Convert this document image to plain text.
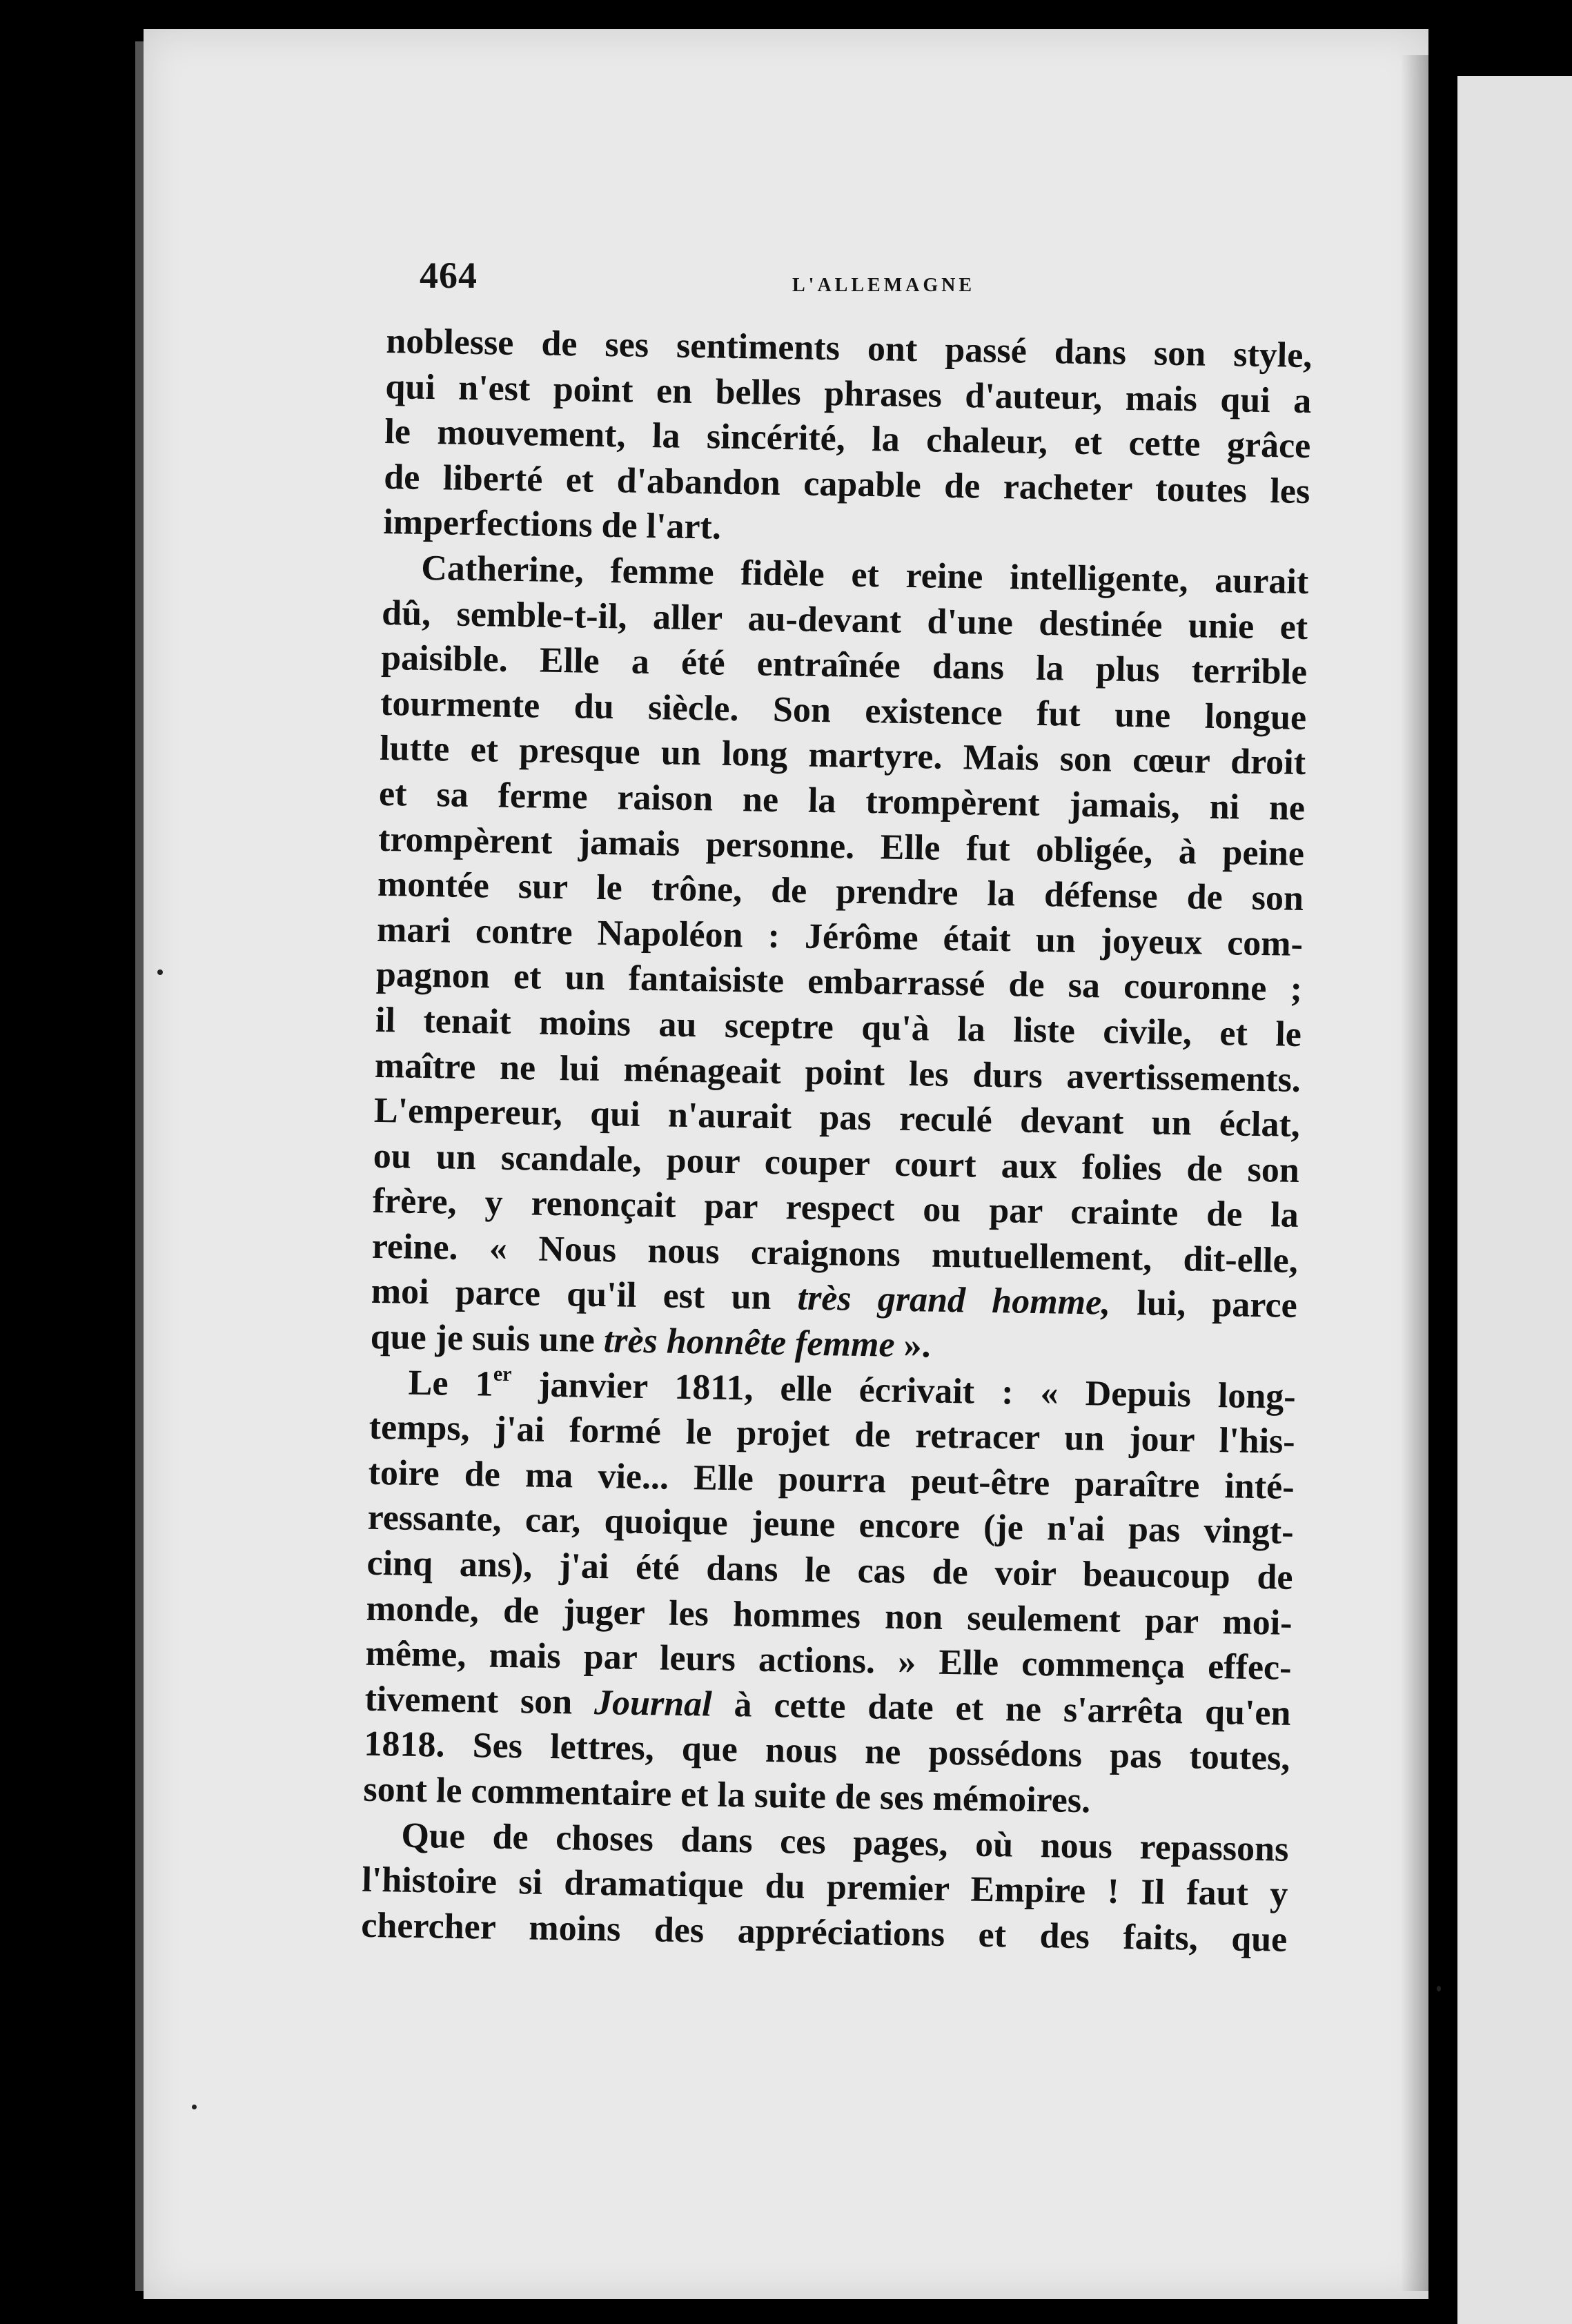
464	L'ALLEMAGNE
noblesse de ses sentiments ont passé dans son style,
qui n'est point en belles phrases d'auteur, mais qui a
le mouvement, la sincérité, la chaleur, et cette grâce
de liberté et d'abandon capable de racheter toutes les
imperfections de l'art.
Catherine, femme fidèle et reine intelligente, aurait
dû, semble-t-il, aller au-devant d'une destinée unie et
paisible. Elle a été entraînée dans la plus terrible
tourmente du siècle. Son existence fut une longue
lutte et presque un long martyre. Mais son cœur droit
et sa ferme raison ne la trompèrent jamais, ni ne
trompèrent jamais personne. Elle fut obligée, à peine
montée sur le trône, de prendre la défense de son
mari contre Napoléon : Jérôme était un joyeux com-
pagnon et un fantaisiste embarrassé de sa couronne ;
il tenait moins au sceptre qu'à la liste civile, et le
maître ne lui ménageait point les durs avertissements.
L'empereur, qui n'aurait pas reculé devant un éclat,
ou un scandale, pour couper court aux folies de son
frère, y renonçait par respect ou par crainte de la
reine. « Nous nous craignons mutuellement, dit-elle,
moi parce qu'il est un très grand homme, lui, parce
que je suis une très honnête femme ».
Le 1er janvier 1811, elle écrivait : « Depuis long-
temps, j'ai formé le projet de retracer un jour l'his-
toire de ma vie... Elle pourra peut-être paraître inté-
ressante, car, quoique jeune encore (je n'ai pas vingt-
cinq ans), j'ai été dans le cas de voir beaucoup de
monde, de juger les hommes non seulement par moi-
même, mais par leurs actions. » Elle commença effec-
tivement son Journal à cette date et ne s'arrêta qu'en
1818. Ses lettres, que nous ne possédons pas toutes,
sont le commentaire et la suite de ses mémoires.
Que de choses dans ces pages, où nous repassons
l'histoire si dramatique du premier Empire ! Il faut y
chercher moins des appréciations et des faits, que
